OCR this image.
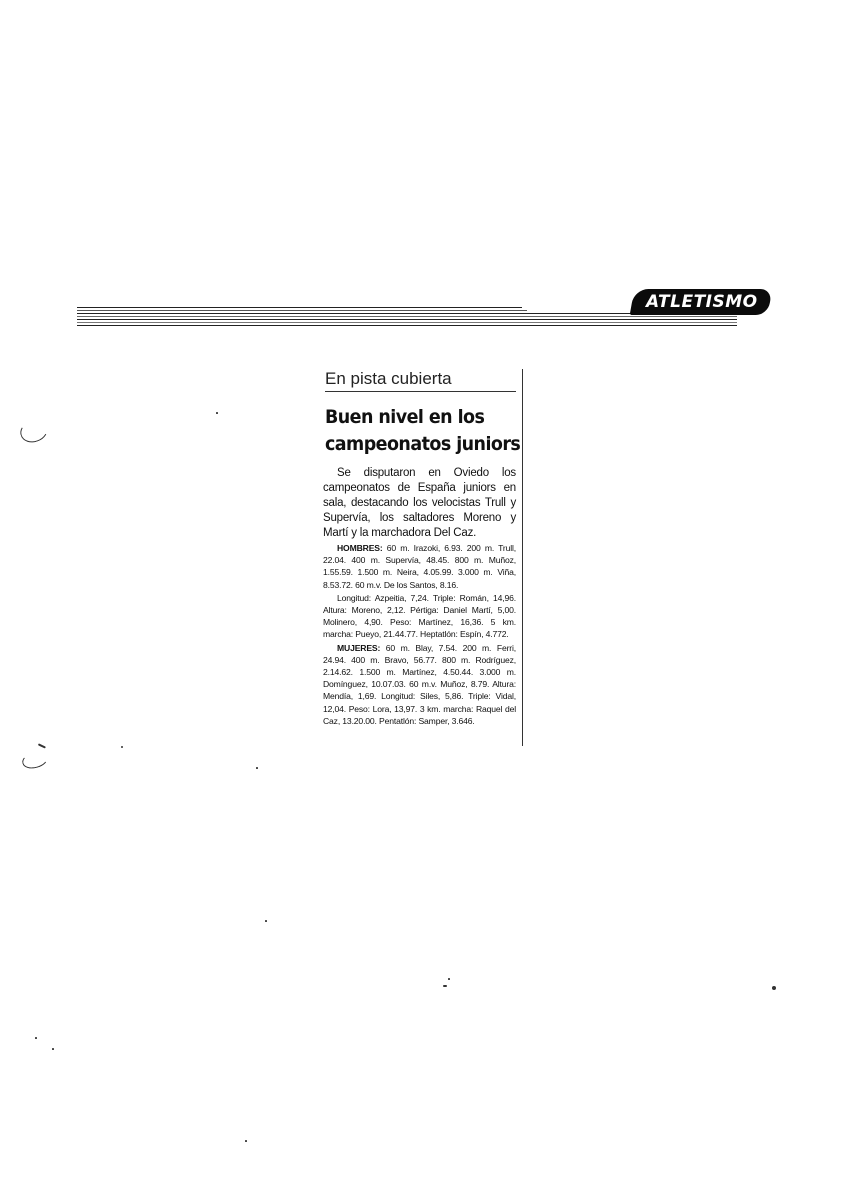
ATLETISMO
En pista cubierta
Buen nivel en los
campeonatos juniors

Se disputaron en Oviedo los campeonatos de España juniors en sala, destacando los velocistas Trull y Supervía, los saltadores Moreno y Martí y la marchadora Del Caz.

HOMBRES: 60 m. Irazoki, 6.93. 200 m. Trull, 22.04. 400 m. Supervía, 48.45. 800 m. Muñoz, 1.55.59. 1.500 m. Neira, 4.05.99. 3.000 m. Viña, 8.53.72. 60 m.v. De los Santos, 8.16.

Longitud: Azpeitia, 7,24. Triple: Román, 14,96. Altura: Moreno, 2,12. Pértiga: Daniel Martí, 5,00. Molinero, 4,90. Peso: Martínez, 16,36. 5 km. marcha: Pueyo, 21.44.77. Heptatlón: Espín, 4.772.

MUJERES: 60 m. Blay, 7.54. 200 m. Ferri, 24.94. 400 m. Bravo, 56.77. 800 m. Rodríguez, 2.14.62. 1.500 m. Martínez, 4.50.44. 3.000 m. Domínguez, 10.07.03. 60 m.v. Muñoz, 8.79. Altura: Mendía, 1,69. Longitud: Siles, 5,86. Triple: Vidal, 12,04. Peso: Lora, 13,97. 3 km. marcha: Raquel del Caz, 13.20.00. Pentatlón: Samper, 3.646.
